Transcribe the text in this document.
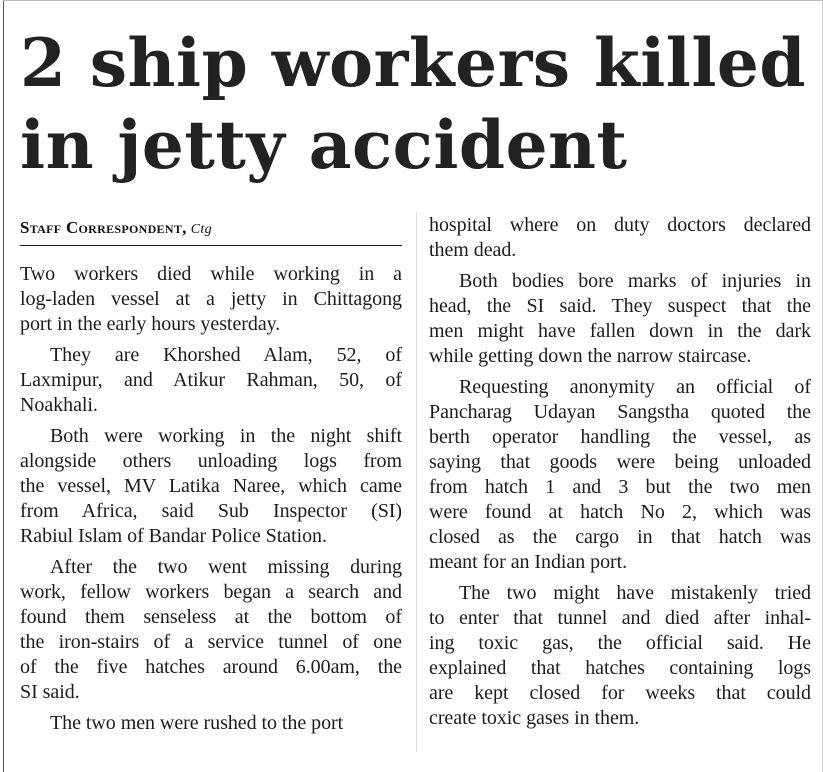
2 ship workers killed
in jetty accident
Staff Correspondent, Ctg

Two workers died while working in a
log-laden vessel at a jetty in Chittagong
port in the early hours yesterday.

They are Khorshed Alam, 52, of
Laxmipur, and Atikur Rahman, 50, of
Noakhali.

Both were working in the night shift
alongside others unloading logs from
the vessel, MV Latika Naree, which came
from Africa, said Sub Inspector (SI)
Rabiul Islam of Bandar Police Station.

After the two went missing during
work, fellow workers began a search and
found them senseless at the bottom of
the iron-stairs of a service tunnel of one
of the five hatches around 6.00am, the
SI said.

The two men were rushed to the port

hospital where on duty doctors declared
them dead.

Both bodies bore marks of injuries in
head, the SI said. They suspect that the
men might have fallen down in the dark
while getting down the narrow staircase.

Requesting anonymity an official of
Pancharag Udayan Sangstha quoted the
berth operator handling the vessel, as
saying that goods were being unloaded
from hatch 1 and 3 but the two men
were found at hatch No 2, which was
closed as the cargo in that hatch was
meant for an Indian port.

The two might have mistakenly tried
to enter that tunnel and died after inhal-
ing toxic gas, the official said. He
explained that hatches containing logs
are kept closed for weeks that could
create toxic gases in them.
